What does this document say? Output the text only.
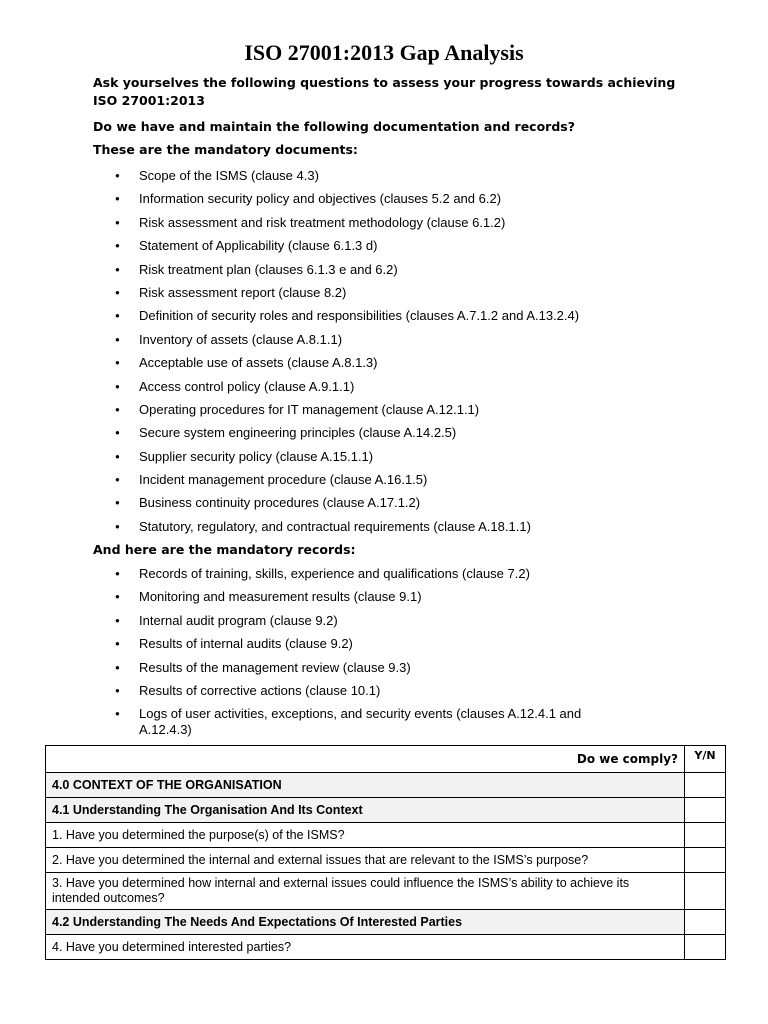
ISO 27001:2013 Gap Analysis
Ask yourselves the following questions to assess your progress towards achieving ISO 27001:2013
Do we have and maintain the following documentation and records?
These are the mandatory documents:
● Scope of the ISMS (clause 4.3)
● Information security policy and objectives (clauses 5.2 and 6.2)
● Risk assessment and risk treatment methodology (clause 6.1.2)
● Statement of Applicability (clause 6.1.3 d)
● Risk treatment plan (clauses 6.1.3 e and 6.2)
● Risk assessment report (clause 8.2)
● Definition of security roles and responsibilities (clauses A.7.1.2 and A.13.2.4)
● Inventory of assets (clause A.8.1.1)
● Acceptable use of assets (clause A.8.1.3)
● Access control policy (clause A.9.1.1)
● Operating procedures for IT management (clause A.12.1.1)
● Secure system engineering principles (clause A.14.2.5)
● Supplier security policy (clause A.15.1.1)
● Incident management procedure (clause A.16.1.5)
● Business continuity procedures (clause A.17.1.2)
● Statutory, regulatory, and contractual requirements (clause A.18.1.1)
And here are the mandatory records:
● Records of training, skills, experience and qualifications (clause 7.2)
● Monitoring and measurement results (clause 9.1)
● Internal audit program (clause 9.2)
● Results of internal audits (clause 9.2)
● Results of the management review (clause 9.3)
● Results of corrective actions (clause 10.1)
● Logs of user activities, exceptions, and security events (clauses A.12.4.1 and A.12.4.3)
Do we comply?	Y/N
4.0 CONTEXT OF THE ORGANISATION	
4.1 Understanding The Organisation And Its Context	
1. Have you determined the purpose(s) of the ISMS?	
2. Have you determined the internal and external issues that are relevant to the ISMS’s purpose?	
3. Have you determined how internal and external issues could influence the ISMS’s ability to achieve its intended outcomes?	
4.2 Understanding The Needs And Expectations Of Interested Parties	
4. Have you determined interested parties?	
